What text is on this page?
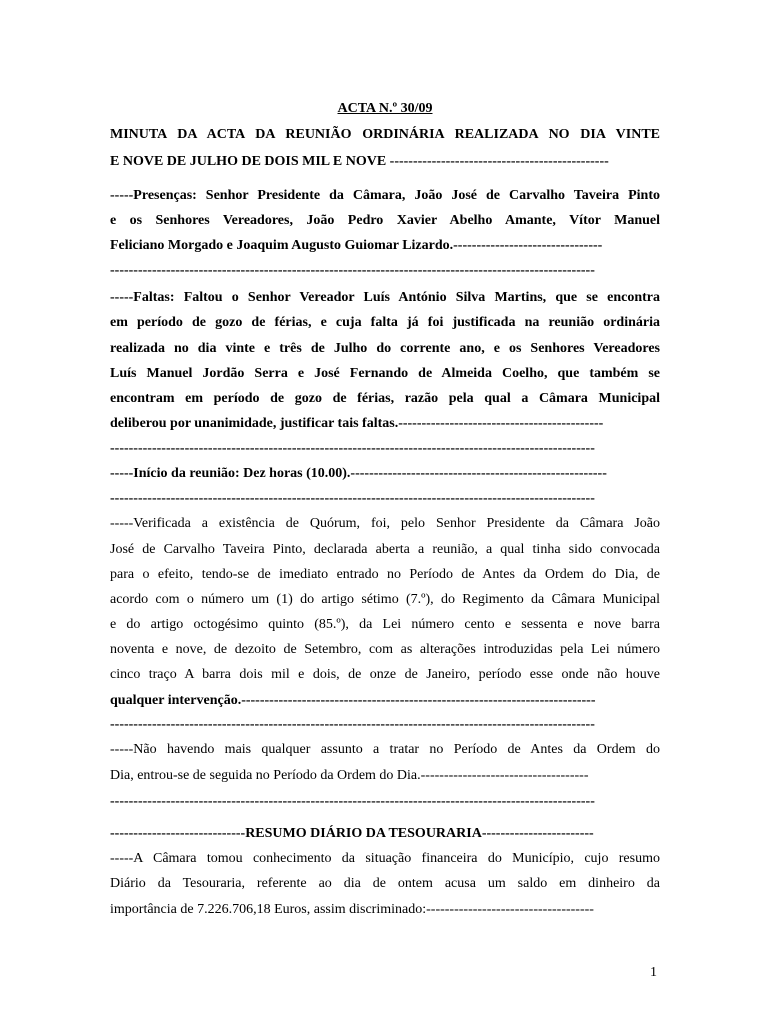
ACTA N.º 30/09
MINUTA DA ACTA DA REUNIÃO ORDINÁRIA REALIZADA NO DIA VINTE
E NOVE DE JULHO DE DOIS MIL E NOVE -----------------------------------------------
-----Presenças: Senhor Presidente da Câmara, João José de Carvalho Taveira Pinto
e os Senhores Vereadores, João Pedro Xavier Abelho Amante, Vítor Manuel
Feliciano Morgado e Joaquim Augusto Guiomar Lizardo.--------------------------------
--------------------------------------------------------------------------------------------------------
-----Faltas: Faltou o Senhor Vereador Luís António Silva Martins, que se encontra
em período de gozo de férias, e cuja falta já foi justificada na reunião ordinária
realizada no dia vinte e três de Julho do corrente ano, e os Senhores Vereadores
Luís Manuel Jordão Serra e José Fernando de Almeida Coelho, que também se
encontram em período de gozo de férias, razão pela qual a Câmara Municipal
deliberou por unanimidade, justificar tais faltas.--------------------------------------------
--------------------------------------------------------------------------------------------------------
-----Início da reunião: Dez horas (10.00).-------------------------------------------------------
--------------------------------------------------------------------------------------------------------
-----Verificada a existência de Quórum, foi, pelo Senhor Presidente da Câmara João
José de Carvalho Taveira Pinto, declarada aberta a reunião, a qual tinha sido convocada
para o efeito, tendo-se de imediato entrado no Período de Antes da Ordem do Dia, de
acordo com o número um (1) do artigo sétimo (7.º), do Regimento da Câmara Municipal
e do artigo octogésimo quinto (85.º), da Lei número cento e sessenta e nove barra
noventa e nove, de dezoito de Setembro, com as alterações introduzidas pela Lei número
cinco traço A barra dois mil e dois, de onze de Janeiro, período esse onde não houve
qualquer intervenção.----------------------------------------------------------------------------
--------------------------------------------------------------------------------------------------------
-----Não havendo mais qualquer assunto a tratar no Período de Antes da Ordem do
Dia, entrou-se de seguida no Período da Ordem do Dia.------------------------------------
--------------------------------------------------------------------------------------------------------
-----------------------------RESUMO DIÁRIO DA TESOURARIA------------------------
-----A Câmara tomou conhecimento da situação financeira do Município, cujo resumo
Diário da Tesouraria, referente ao dia de ontem acusa um saldo em dinheiro da
importância de 7.226.706,18 Euros, assim discriminado:------------------------------------
1
